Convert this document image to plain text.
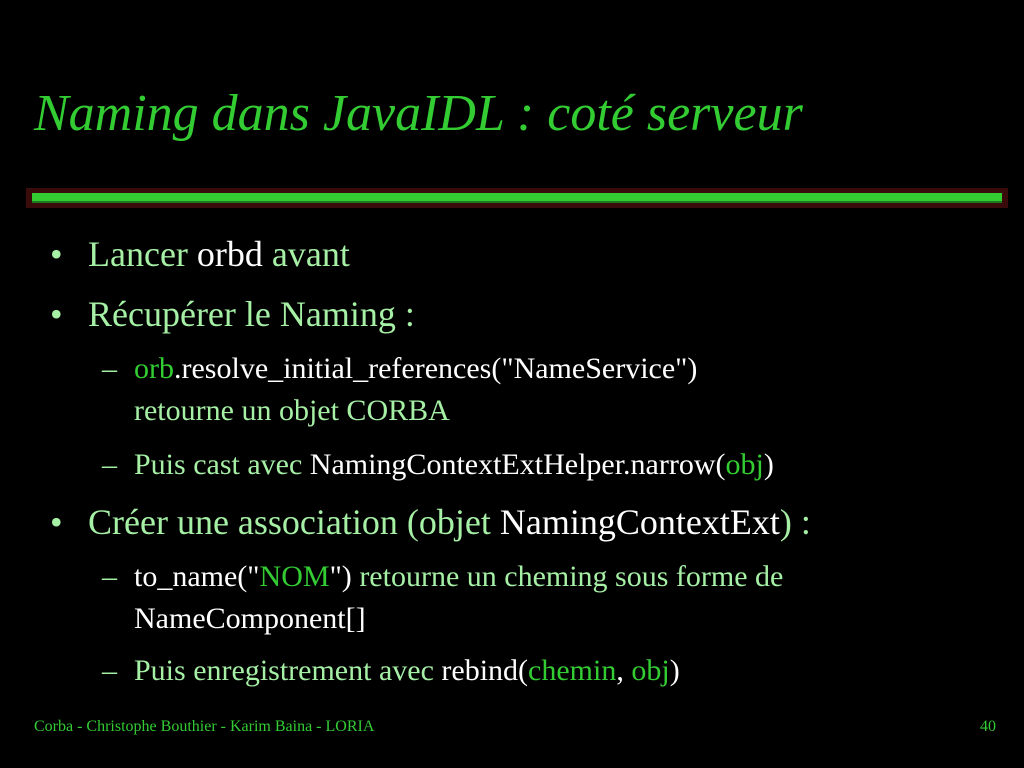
Naming dans JavaIDL : coté serveur
• Lancer orbd avant
• Récupérer le Naming :
– orb.resolve_initial_references("NameService")
retourne un objet CORBA
– Puis cast avec NamingContextExtHelper.narrow(obj)
• Créer une association (objet NamingContextExt) :
– to_name("NOM") retourne un cheming sous forme de
NameComponent[]
– Puis enregistrement avec rebind(chemin, obj)
Corba - Christophe Bouthier - Karim Baina - LORIA	40
